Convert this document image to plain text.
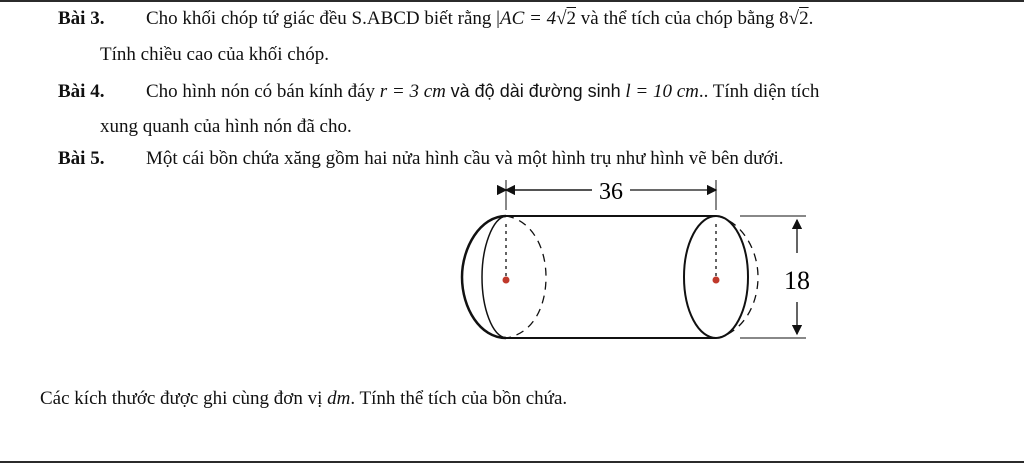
Bài 3. Cho khối chóp tứ giác đều S.ABCD biết rằng |AC = 4√2 và thể tích của chóp bằng 8√2.
Tính chiều cao của khối chóp.
Bài 4. Cho hình nón có bán kính đáy r = 3 cm và độ dài đường sinh l = 10 cm.. Tính diện tích
xung quanh của hình nón đã cho.
Bài 5. Một cái bồn chứa xăng gồm hai nửa hình cầu và một hình trụ như hình vẽ bên dưới.
36
18
Các kích thước được ghi cùng đơn vị dm. Tính thể tích của bồn chứa.
